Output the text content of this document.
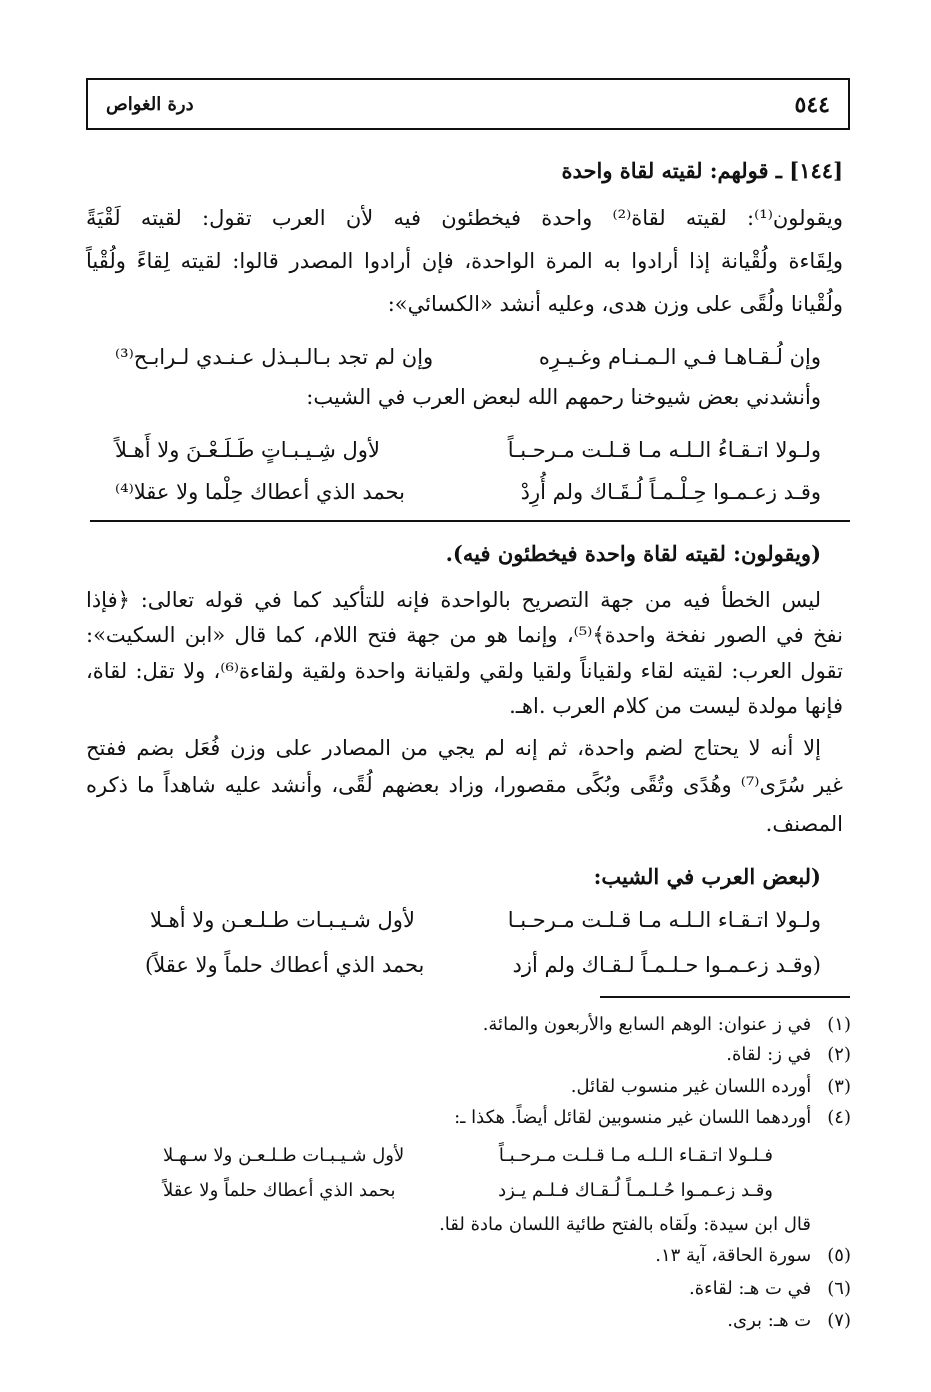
٥٤٤
درة الغواص
[١٤٤] ـ قولهم: لقيته لقاة واحدة
ويقولون⁽¹⁾: لقيته لقاة⁽²⁾ واحدة فيخطئون فيه لأن العرب تقول: لقيته لَقْيَةً
ولِقَاءة ولُقْيانة إذا أرادوا به المرة الواحدة، فإن أرادوا المصدر قالوا: لقيته لِقاءً ولُقْياً
ولُقْيانا ولُقًى على وزن هدى، وعليه أنشد «الكسائي»:
وإن لُـقـاهـا فـي الـمـنـام وغـيـرِه
وإن لم تجد بـالـبـذل عـنـدي لـرابـح⁽³⁾
وأنشدني بعض شيوخنا رحمهم الله لبعض العرب في الشيب:
ولـولا اتـقـاءُ الـلـه مـا قـلـت مـرحـبـاً
لأول شِـيـبـاتٍ طَـلَـعْـنَ ولا أَهـلاً
وقـد زعـمـوا حِـلْـمـاً لُـقَـاك ولم أُرِدْ
بحمد الذي أعطاك حِلْما ولا عقلا⁽⁴⁾
(ويقولون: لقيته لقاة واحدة فيخطئون فيه).
ليس الخطأ فيه من جهة التصريح بالواحدة فإنه للتأكيد كما في قوله تعالى: ﴿فإذا
نفخ في الصور نفخة واحدة﴾⁽⁵⁾، وإنما هو من جهة فتح اللام، كما قال «ابن السكيت»:
تقول العرب: لقيته لقاء ولقياناً ولقيا ولقي ولقيانة واحدة ولقية ولقاءة⁽⁶⁾، ولا تقل: لقاة،
فإنها مولدة ليست من كلام العرب .اهـ.
إلا أنه لا يحتاج لضم واحدة، ثم إنه لم يجي من المصادر على وزن فُعَل بضم ففتح
غير سُرًى⁽⁷⁾ وهُدًى وتُقًى وبُكًى مقصورا، وزاد بعضهم لُقًى، وأنشد عليه شاهداً ما ذكره
المصنف.
(لبعض العرب في الشيب:
ولـولا اتـقـاء الـلـه مـا قـلـت مـرحـبـا
لأول شـيـبـات طـلـعـن ولا أهـلا
(وقـد زعـمـوا حـلـمـاً لـقـاك ولم أزد
بحمد الذي أعطاك حلماً ولا عقلاً)
(١) في ز عنوان: الوهم السابع والأربعون والمائة.
(٢) في ز: لقاة.
(٣) أورده اللسان غير منسوب لقائل.
(٤) أوردهما اللسان غير منسوبين لقائل أيضاً. هكذا ـ:
فـلـولا اتـقـاء الـلـه مـا قـلـت مـرحـبـاً
لأول شـيـبـات طـلـعـن ولا سـهـلا
وقـد زعـمـوا حُـلـمـاً لُـقـاك فـلـم يـزد
بحمد الذي أعطاك حلماً ولا عقلاً
قال ابن سيدة: ولَقاه بالفتح طائية اللسان مادة لقا.
(٥) سورة الحاقة، آية ١٣.
(٦) في ت هـ: لقاءة.
(٧) ت هـ: برى.
